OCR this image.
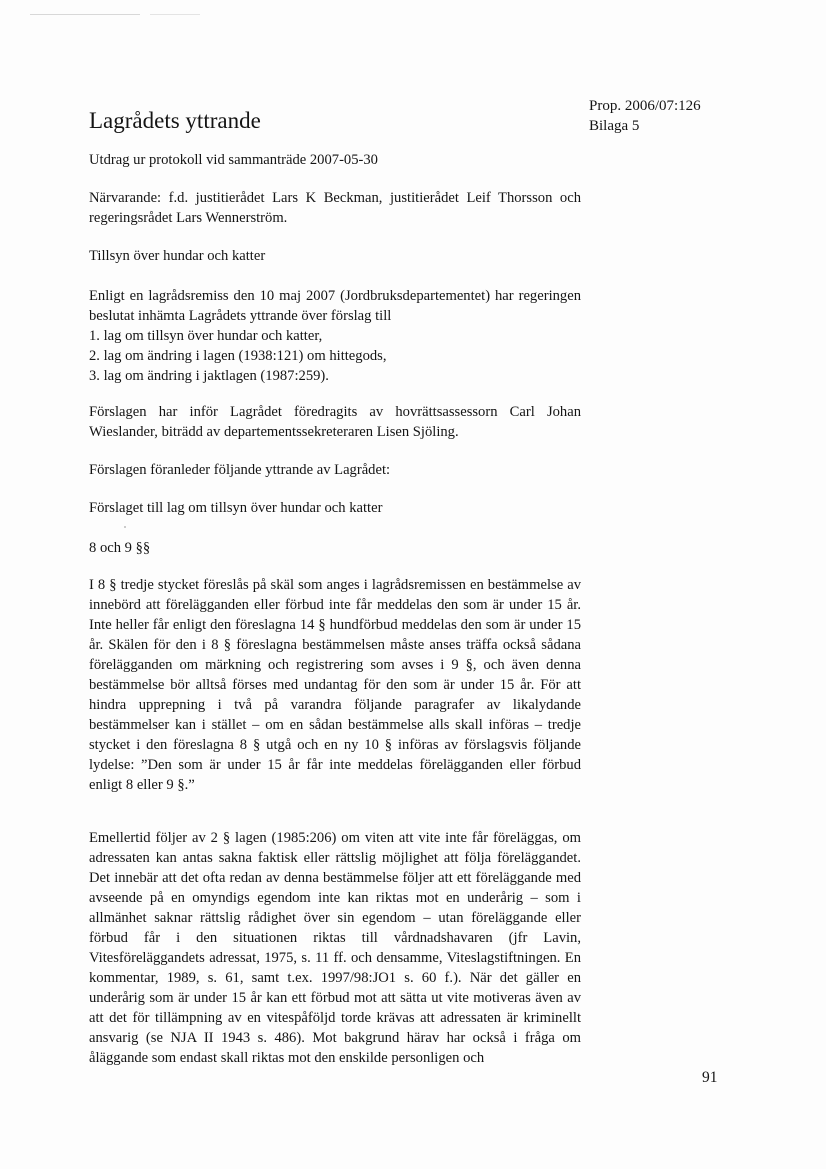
Lagrådets yttrande
Prop. 2006/07:126
Bilaga 5

Utdrag ur protokoll vid sammanträde 2007-05-30

Närvarande: f.d. justitierådet Lars K Beckman, justitierådet Leif Thorsson och regeringsrådet Lars Wennerström.

Tillsyn över hundar och katter

Enligt en lagrådsremiss den 10 maj 2007 (Jordbruksdepartementet) har regeringen beslutat inhämta Lagrådets yttrande över förslag till

1. lag om tillsyn över hundar och katter,

2. lag om ändring i lagen (1938:121) om hittegods,

3. lag om ändring i jaktlagen (1987:259).

Förslagen har inför Lagrådet föredragits av hovrättsassessorn Carl Johan Wieslander, biträdd av departementssekreteraren Lisen Sjöling.

Förslagen föranleder följande yttrande av Lagrådet:

Förslaget till lag om tillsyn över hundar och katter

8 och 9 §§

I 8 § tredje stycket föreslås på skäl som anges i lagrådsremissen en bestämmelse av innebörd att förelägganden eller förbud inte får meddelas den som är under 15 år. Inte heller får enligt den föreslagna 14 § hundförbud meddelas den som är under 15 år. Skälen för den i 8 § föreslagna bestämmelsen måste anses träffa också sådana förelägganden om märkning och registrering som avses i 9 §, och även denna bestämmelse bör alltså förses med undantag för den som är under 15 år. För att hindra upprepning i två på varandra följande paragrafer av likalydande bestämmelser kan i stället – om en sådan bestämmelse alls skall införas – tredje stycket i den föreslagna 8 § utgå och en ny 10 § införas av förslagsvis följande lydelse: ”Den som är under 15 år får inte meddelas förelägganden eller förbud enligt 8 eller 9 §.”

Emellertid följer av 2 § lagen (1985:206) om viten att vite inte får föreläggas, om adressaten kan antas sakna faktisk eller rättslig möjlighet att följa föreläggandet. Det innebär att det ofta redan av denna bestämmelse följer att ett föreläggande med avseende på en omyndigs egendom inte kan riktas mot en underårig – som i allmänhet saknar rättslig rådighet över sin egendom – utan föreläggande eller förbud får i den situationen riktas till vårdnadshavaren (jfr Lavin, Vitesföreläggandets adressat, 1975, s. 11 ff. och densamme, Viteslagstiftningen. En kommentar, 1989, s. 61, samt t.ex. 1997/98:JO1 s. 60 f.). När det gäller en underårig som är under 15 år kan ett förbud mot att sätta ut vite motiveras även av att det för tillämpning av en vitespåföljd torde krävas att adressaten är kriminellt ansvarig (se NJA II 1943 s. 486). Mot bakgrund härav har också i fråga om åläggande som endast skall riktas mot den enskilde personligen och

91
